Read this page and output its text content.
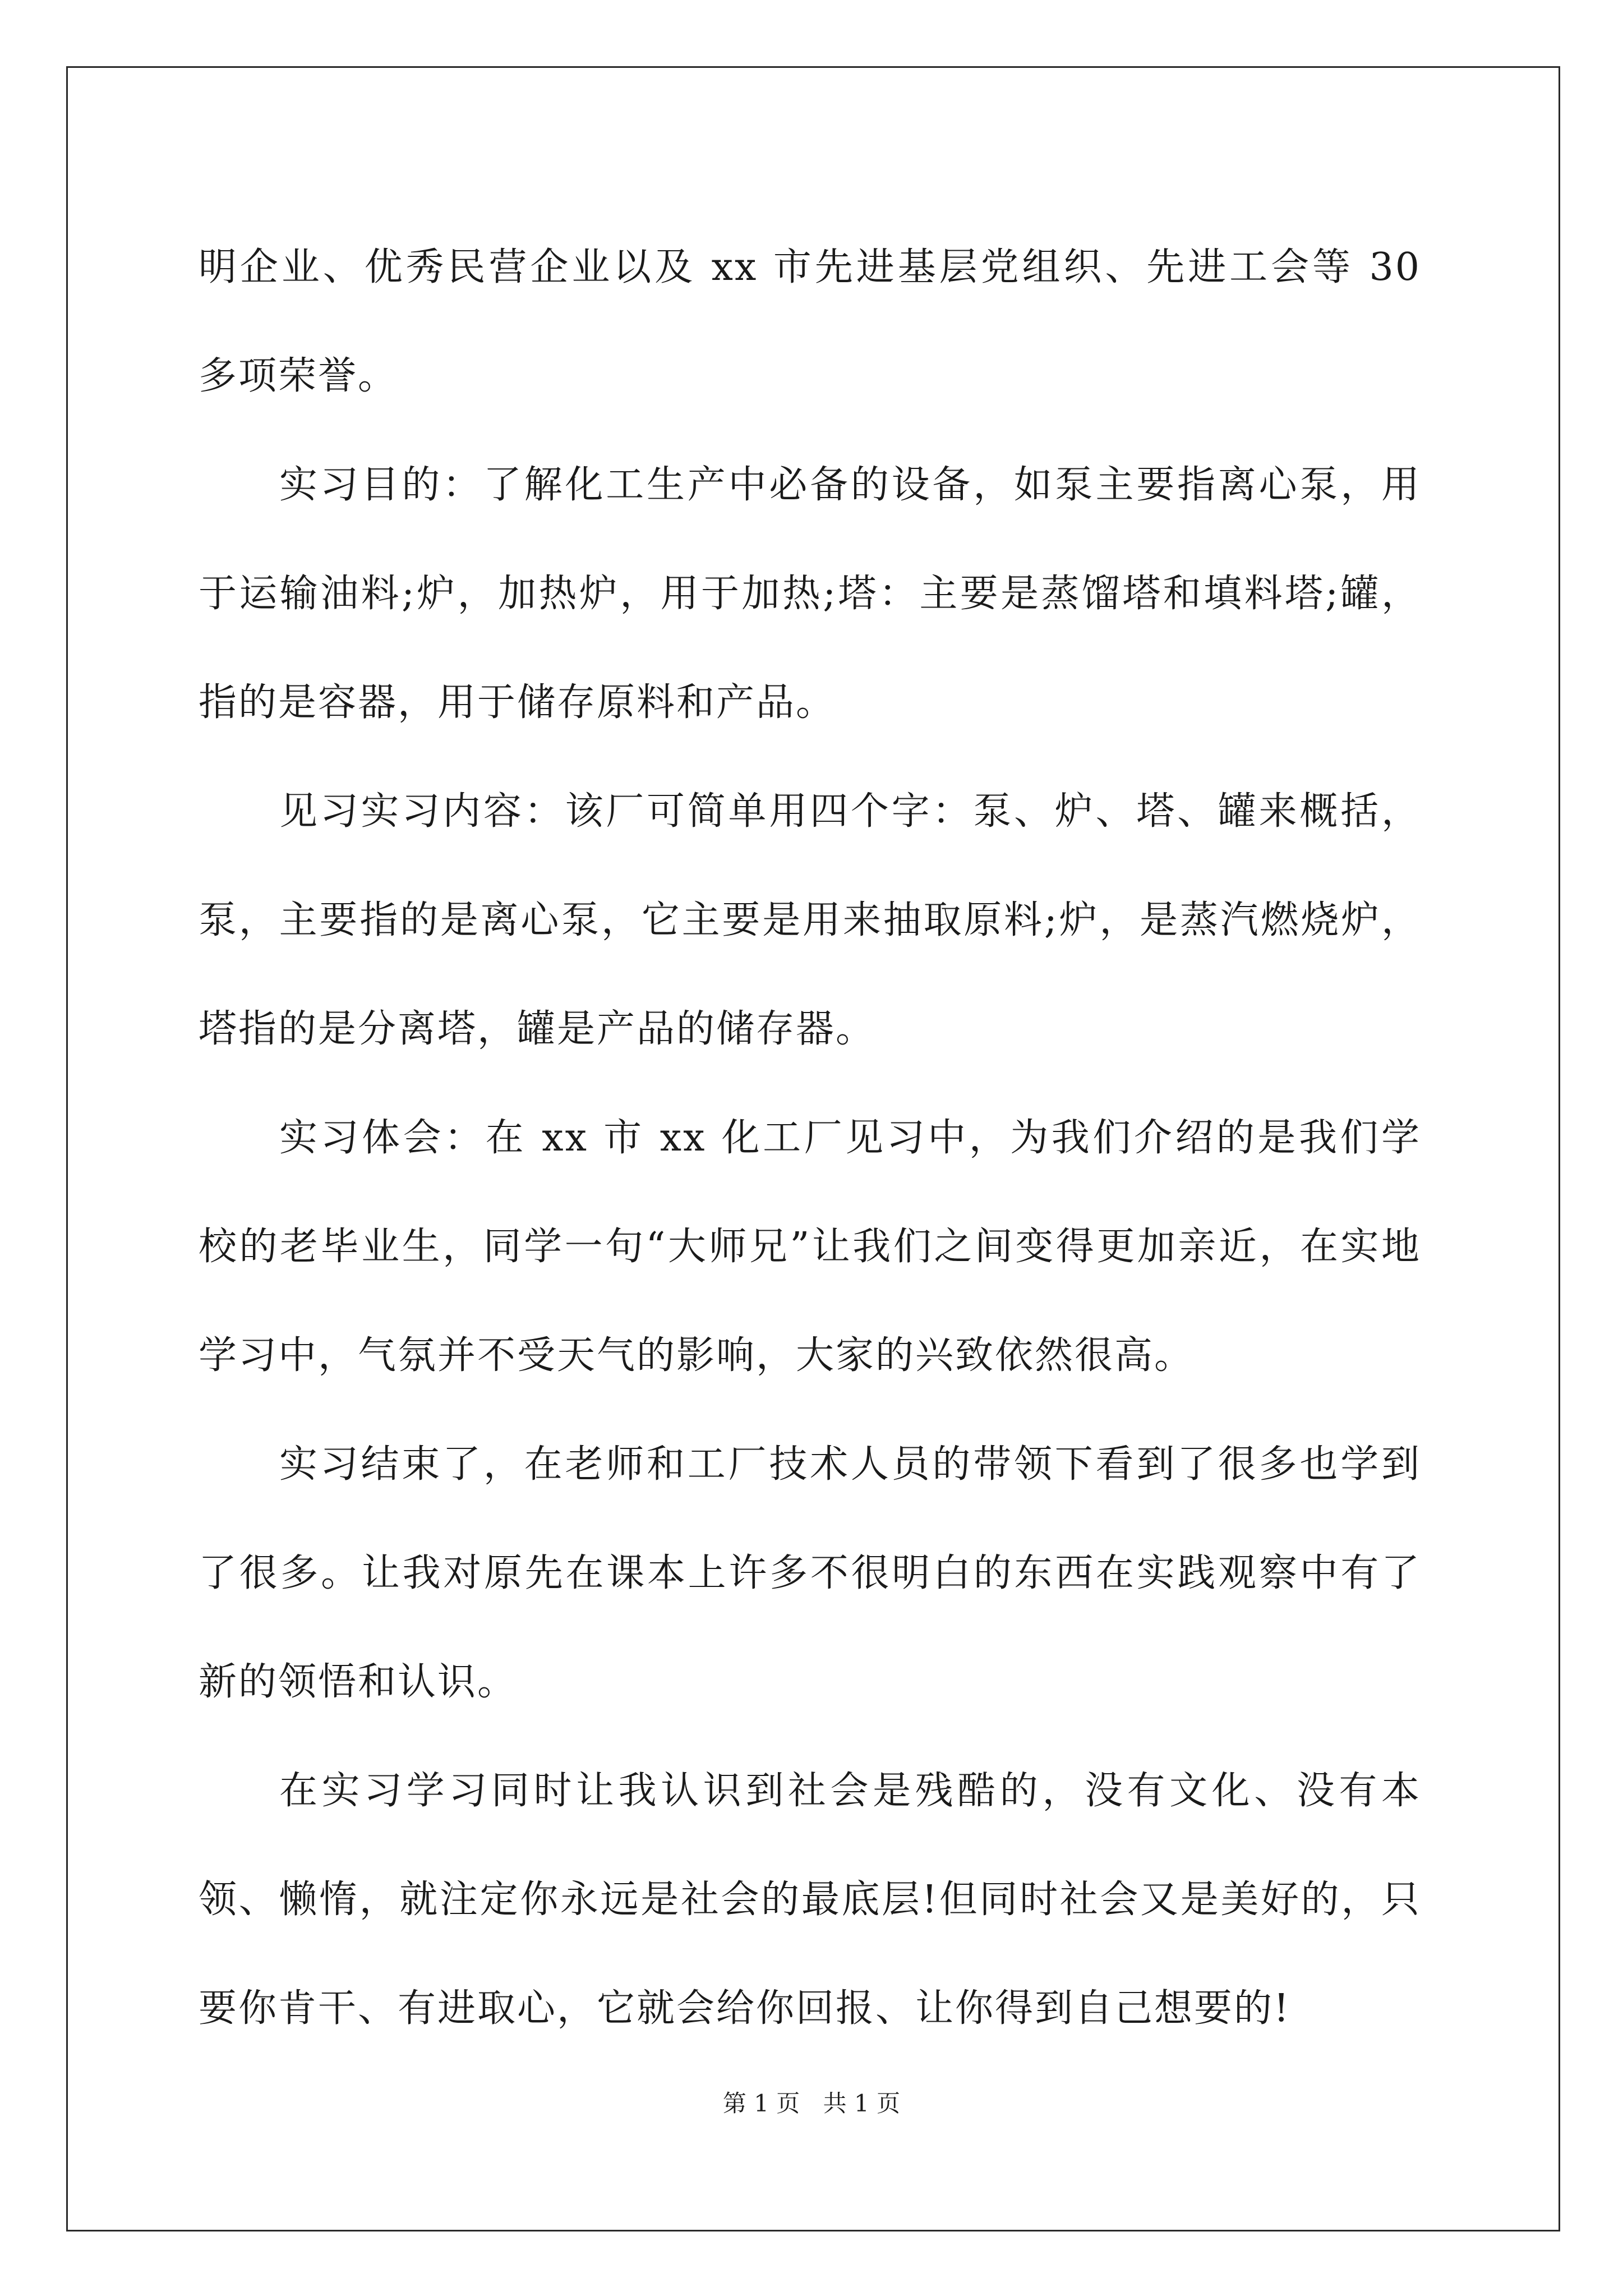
明企业、优秀民营企业以及 xx 市先进基层党组织、先进工会等 30 多项荣誉。

实习目的：了解化工生产中必备的设备，如泵主要指离心泵，用于运输油料;炉，加热炉，用于加热;塔：主要是蒸馏塔和填料塔;罐，指的是容器，用于储存原料和产品。

见习实习内容：该厂可简单用四个字：泵、炉、塔、罐来概括，泵，主要指的是离心泵，它主要是用来抽取原料;炉，是蒸汽燃烧炉，塔指的是分离塔，罐是产品的储存器。

实习体会：在 xx 市 xx 化工厂见习中，为我们介绍的是我们学校的老毕业生，同学一句“大师兄”让我们之间变得更加亲近，在实地学习中，气氛并不受天气的影响，大家的兴致依然很高。

实习结束了，在老师和工厂技术人员的带领下看到了很多也学到了很多。让我对原先在课本上许多不很明白的东西在实践观察中有了新的领悟和认识。

在实习学习同时让我认识到社会是残酷的，没有文化、没有本领、懒惰，就注定你永远是社会的最底层!但同时社会又是美好的，只要你肯干、有进取心，它就会给你回报、让你得到自己想要的!

第 1 页 共 1 页
